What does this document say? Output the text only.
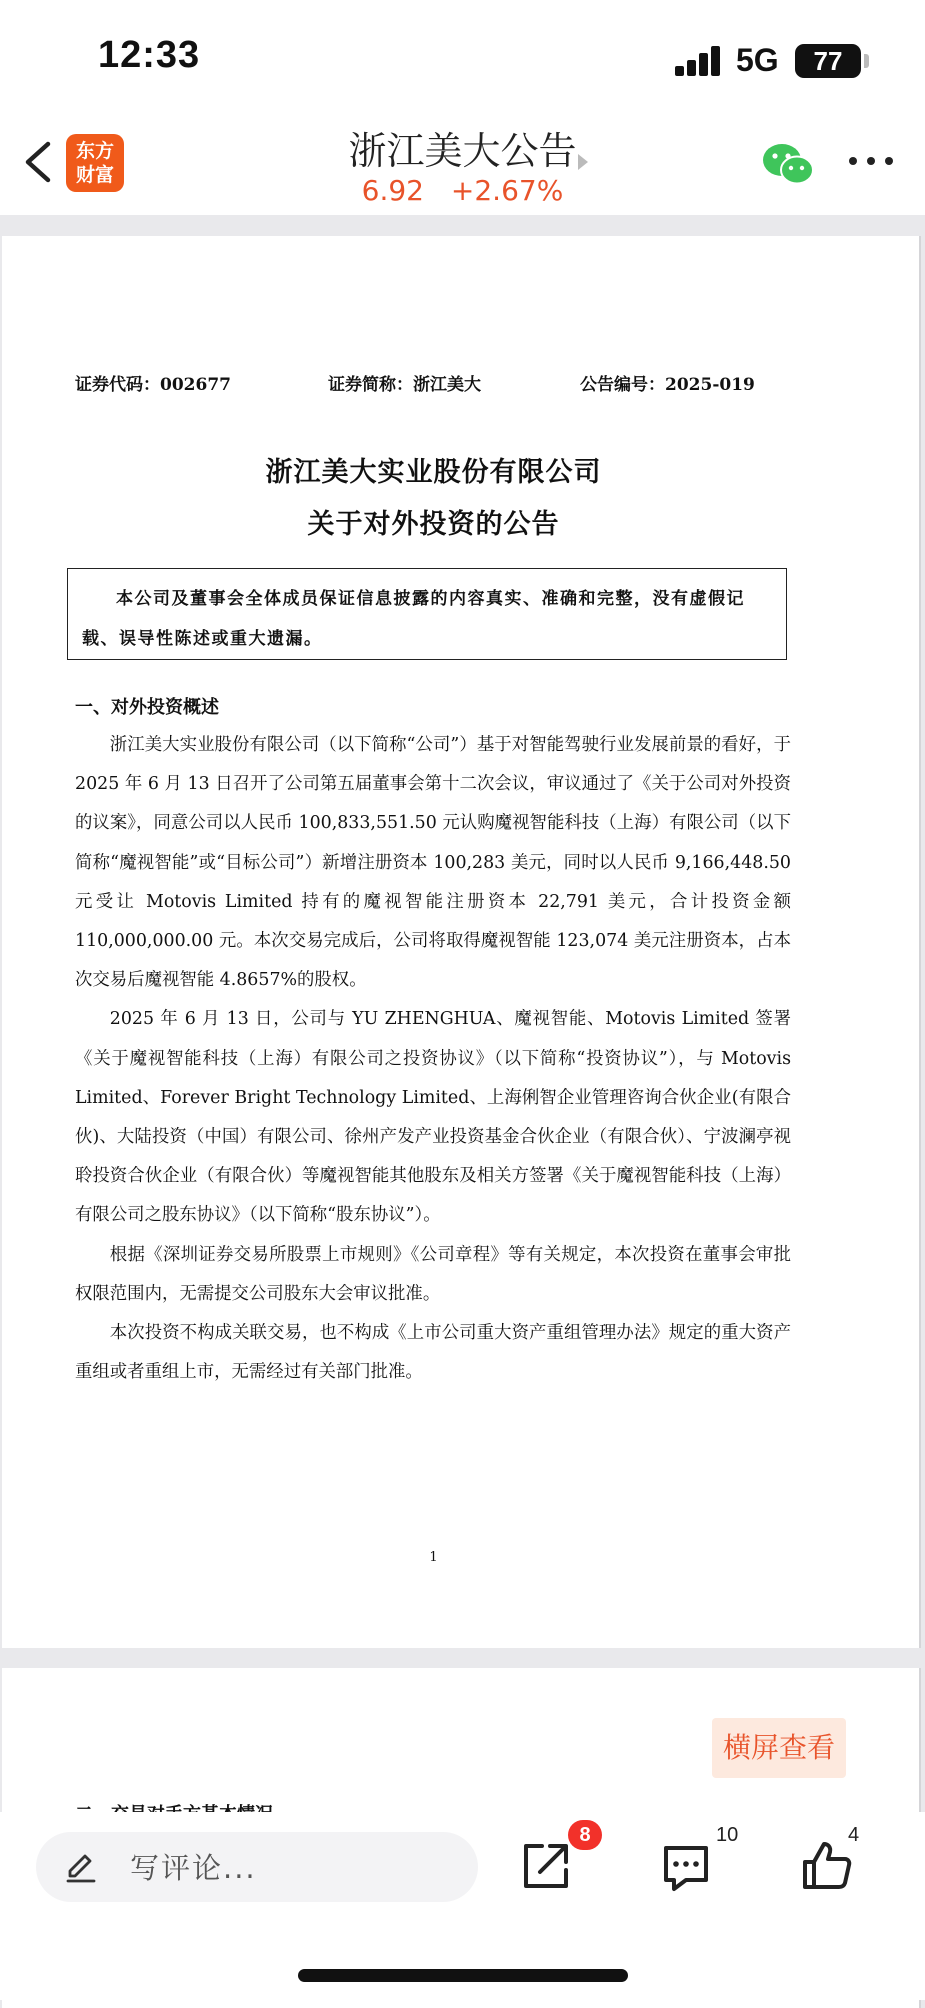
12:33	5G	77
东方
财富
浙江美大公告
6.92 +2.67%
证券代码：002677	证券简称：浙江美大	公告编号：2025-019
浙江美大实业股份有限公司
关于对外投资的公告
本公司及董事会全体成员保证信息披露的内容真实、准确和完整，没有虚假记载、误导性陈述或重大遗漏。
一、对外投资概述

浙江美大实业股份有限公司（以下简称“公司”）基于对智能驾驶行业发展前景的看好，于 2025 年 6 月 13 日召开了公司第五届董事会第十二次会议，审议通过了《关于公司对外投资的议案》，同意公司以人民币 100,833,551.50 元认购魔视智能科技（上海）有限公司（以下简称“魔视智能”或“目标公司”）新增注册资本 100,283 美元，同时以人民币 9,166,448.50 元受让 Motovis Limited 持有的魔视智能注册资本 22,791 美元，合计投资金额 110,000,000.00 元。本次交易完成后，公司将取得魔视智能 123,074 美元注册资本，占本次交易后魔视智能 4.8657%的股权。

2025 年 6 月 13 日，公司与 YU ZHENGHUA、魔视智能、Motovis Limited 签署《关于魔视智能科技（上海）有限公司之投资协议》（以下简称“投资协议”），与 Motovis Limited、Forever Bright Technology Limited、上海俐智企业管理咨询合伙企业(有限合伙)、大陆投资（中国）有限公司、徐州产发产业投资基金合伙企业（有限合伙）、宁波澜亭视聆投资合伙企业（有限合伙）等魔视智能其他股东及相关方签署《关于魔视智能科技（上海）有限公司之股东协议》（以下简称“股东协议”）。

根据《深圳证券交易所股票上市规则》《公司章程》等有关规定，本次投资在董事会审批权限范围内，无需提交公司股东大会审议批准。

本次投资不构成关联交易，也不构成《上市公司重大资产重组管理办法》规定的重大资产重组或者重组上市，无需经过有关部门批准。

1
横屏查看
写评论...
8	10	4
